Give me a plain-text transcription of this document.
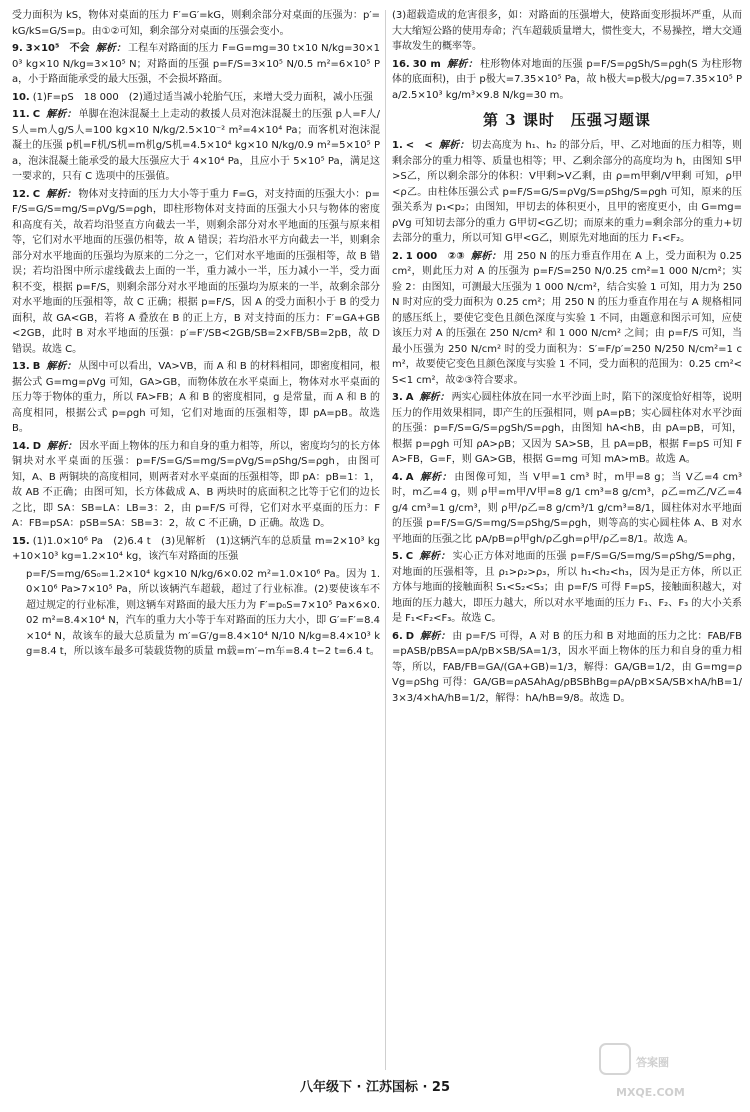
受力面积为 kS，物体对桌面的压力 F′=G′=kG，则剩余部分对桌面的压强为：p′=kG/kS=G/S=p。由①②可知，剩余部分对桌面的压强会变小。

9. 3×10⁵　不会 解析： 工程车对路面的压力 F=G=mg=30 t×10 N/kg=30×10³ kg×10 N/kg=3×10⁵ N；对路面的压强 p=F/S=3×10⁵ N/0.5 m²=6×10⁵ Pa，小于路面能承受的最大压强，不会损坏路面。

10. (1)F=pS　18 000　(2)通过适当减小轮胎气压，来增大受力面积，减小压强

11. C 解析： 单脚在泡沫混凝土上走动的救援人员对泡沫混凝土的压强 p人=F人/S人=m人g/S人=100 kg×10 N/kg/2.5×10⁻² m²=4×10⁴ Pa；而客机对泡沫混凝土的压强 p机=F机/S机=m机g/S机=4.5×10⁴ kg×10 N/kg/0.9 m²=5×10⁵ Pa，泡沫混凝土能承受的最大压强应大于 4×10⁴ Pa，且应小于 5×10⁵ Pa，满足这一要求的，只有 C 选项中的压强值。

12. C 解析： 物体对支持面的压力大小等于重力 F=G，对支持面的压强大小：p=F/S=G/S=mg/S=ρVg/S=ρgh，即柱形物体对支持面的压强大小只与物体的密度和高度有关，故若均沿竖直方向截去一半，则剩余部分对水平地面的压强与原来相等，它们对水平地面的压强仍相等，故 A 错误；若均沿水平方向截去一半，则剩余部分对水平地面的压强均为原来的二分之一，它们对水平地面的压强相等，故 B 错误；若均沿图中所示虚线截去上面的一半，重力减小一半，压力减小一半，受力面积不变，根据 p=F/S，则剩余部分对水平地面的压强均为原来的一半，故剩余部分对水平地面的压强相等，故 C 正确；根据 p=F/S，因 A 的受力面积小于 B 的受力面积，故 GA<GB，若将 A 叠放在 B 的正上方，B 对支持面的压力：F′=GA+GB<2GB，此时 B 对水平地面的压强：p′=F′/SB<2GB/SB=2×FB/SB=2pB，故 D 错误。故选 C。

13. B 解析： 从图中可以看出，VA>VB，而 A 和 B 的材料相同，即密度相同，根据公式 G=mg=ρVg 可知，GA>GB，而物体放在水平桌面上，物体对水平桌面的压力等于物体的重力，所以 FA>FB；A 和 B 的密度相同，g 是常量，而 A 和 B 的高度相同，根据公式 p=ρgh 可知，它们对地面的压强相等，即 pA=pB。故选 B。

14. D 解析： 因水平面上物体的压力和自身的重力相等，所以，密度均匀的长方体铜块对水平桌面的压强：p=F/S=G/S=mg/S=ρVg/S=ρShg/S=ρgh，由图可知，A、B 两铜块的高度相同，则两者对水平桌面的压强相等，即 pA：pB=1：1，故 AB 不正确；由图可知，长方体截成 A、B 两块时的底面积之比等于它们的边长之比，即 SA：SB=LA：LB=3：2，由 p=F/S 可得，它们对水平桌面的压力：FA：FB=pSA：pSB=SA：SB=3：2，故 C 不正确，D 正确。故选 D。

15. (1)1.0×10⁶ Pa　(2)6.4 t　(3)见解析　(1)这辆汽车的总质量 m=2×10³ kg+10×10³ kg=1.2×10⁴ kg，该汽车对路面的压强

p=F/S=mg/6S₀=1.2×10⁴ kg×10 N/kg/6×0.02 m²=1.0×10⁶ Pa。因为 1.0×10⁶ Pa>7×10⁵ Pa，所以该辆汽车超载，超过了行业标准。(2)要使该车不超过规定的行业标准，则这辆车对路面的最大压力为 F′=p₀S=7×10⁵ Pa×6×0.02 m²=8.4×10⁴ N，汽车的重力大小等于车对路面的压力大小，即 G′=F′=8.4×10⁴ N，故该车的最大总质量为 m′=G′/g=8.4×10⁴ N/10 N/kg=8.4×10³ kg=8.4 t，所以该车最多可装载货物的质量 m载=m′−m车=8.4 t−2 t=6.4 t。

(3)超载造成的危害很多，如：对路面的压强增大，使路面变形损坏严重，从而大大缩短公路的使用寿命；汽车超载质量增大，惯性变大，不易操控，增大交通事故发生的概率等。

16. 30 m 解析： 柱形物体对地面的压强 p=F/S=ρgSh/S=ρgh(S 为柱形物体的底面积)，由于 p极大=7.35×10⁵ Pa，故 h极大=p极大/ρg=7.35×10⁵ Pa/2.5×10³ kg/m³×9.8 N/kg=30 m。

第 3 课时　压强习题课

1. <　< 解析： 切去高度为 h₁、h₂ 的部分后，甲、乙对地面的压力相等，则剩余部分的重力相等、质量也相等；甲、乙剩余部分的高度均为 h，由图知 S甲>S乙，所以剩余部分的体积：V甲剩>V乙剩，由 ρ=m甲剩/V甲剩 可知，ρ甲<ρ乙。由柱体压强公式 p=F/S=G/S=ρVg/S=ρShg/S=ρgh 可知，原来的压强关系为 p₁<p₂；由图知，甲切去的体积更小，且甲的密度更小，由 G=mg=ρVg 可知切去部分的重力 G甲切<G乙切；而原来的重力=剩余部分的重力+切去部分的重力，所以可知 G甲<G乙，则原先对地面的压力 F₁<F₂。

2. 1 000　②③ 解析： 用 250 N 的压力垂直作用在 A 上，受力面积为 0.25 cm²，则此压力对 A 的压强为 p=F/S=250 N/0.25 cm²=1 000 N/cm²；实验 2：由图知，可测最大压强为 1 000 N/cm²，结合实验 1 可知，用力为 250 N 时对应的受力面积为 0.25 cm²；用 250 N 的压力垂直作用在与 A 规格相同的感压纸上，要使它变色且颜色深度与实验 1 不同，由题意和图示可知，应使该压力对 A 的压强在 250 N/cm² 和 1 000 N/cm² 之间；由 p=F/S 可知，当最小压强为 250 N/cm² 时的受力面积为：S′=F/p′=250 N/250 N/cm²=1 cm²，故要使它变色且颜色深度与实验 1 不同，受力面积的范围为：0.25 cm²<S<1 cm²，故②③符合要求。

3. A 解析： 两实心圆柱体放在同一水平沙面上时，陷下的深度恰好相等，说明压力的作用效果相同，即产生的压强相同，则 pA=pB；实心圆柱体对水平沙面的压强：p=F/S=G/S=ρgSh/S=ρgh，由图知 hA<hB，由 pA=pB，可知，根据 p=ρgh 可知 ρA>ρB；又因为 SA>SB，且 pA=pB，根据 F=pS 可知 FA>FB，G=F，则 GA>GB，根据 G=mg 可知 mA>mB。故选 A。

4. A 解析： 由图像可知，当 V甲=1 cm³ 时，m甲=8 g；当 V乙=4 cm³ 时，m乙=4 g，则 ρ甲=m甲/V甲=8 g/1 cm³=8 g/cm³，ρ乙=m乙/V乙=4 g/4 cm³=1 g/cm³，则 ρ甲/ρ乙=8 g/cm³/1 g/cm³=8/1，圆柱体对水平地面的压强 p=F/S=G/S=mg/S=ρShg/S=ρgh，则等高的实心圆柱体 A、B 对水平地面的压强之比 pA/pB=ρ甲gh/ρ乙gh=ρ甲/ρ乙=8/1。故选 A。

5. C 解析： 实心正方体对地面的压强 p=F/S=G/S=mg/S=ρShg/S=ρhg，对地面的压强相等，且 ρ₁>ρ₂>ρ₃，所以 h₁<h₂<h₃，因为是正方体，所以正方体与地面的接触面积 S₁<S₂<S₃；由 p=F/S 可得 F=pS，接触面积越大，对地面的压力越大，即压力越大，所以对水平地面的压力 F₁、F₂、F₃ 的大小关系是 F₁<F₂<F₃。故选 C。

6. D 解析： 由 p=F/S 可得，A 对 B 的压力和 B 对地面的压力之比：FAB/FB=pASB/pBSA=pA/pB×SB/SA=1/3，因水平面上物体的压力和自身的重力相等，所以，FAB/FB=GA/(GA+GB)=1/3，解得：GA/GB=1/2，由 G=mg=ρVg=ρShg 可得：GA/GB=ρASAhAg/ρBSBhBg=ρA/ρB×SA/SB×hA/hB=1/3×3/4×hA/hB=1/2，解得：hA/hB=9/8。故选 D。

八年级下 · 江苏国标 · 25
答案圈
MXQE.COM
